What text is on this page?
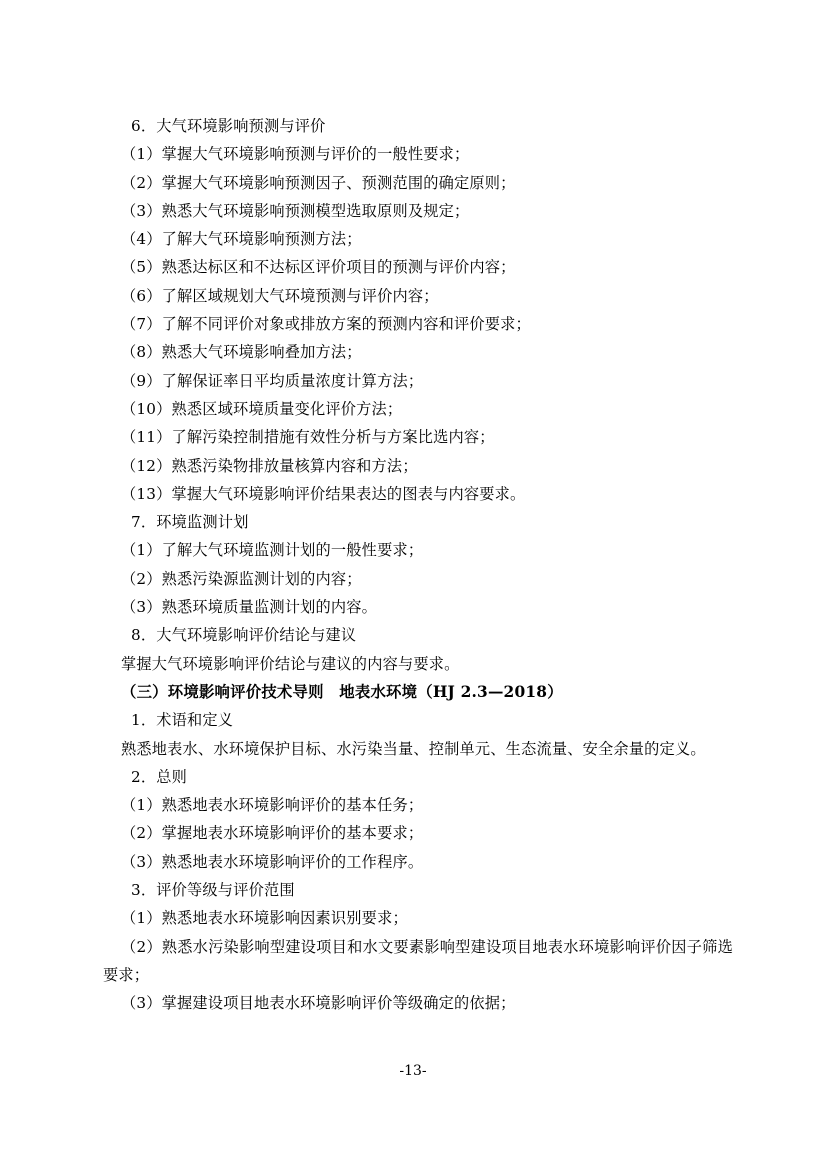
6．大气环境影响预测与评价
（1）掌握大气环境影响预测与评价的一般性要求；
（2）掌握大气环境影响预测因子、预测范围的确定原则；
（3）熟悉大气环境影响预测模型选取原则及规定；
（4）了解大气环境影响预测方法；
（5）熟悉达标区和不达标区评价项目的预测与评价内容；
（6）了解区域规划大气环境预测与评价内容；
（7）了解不同评价对象或排放方案的预测内容和评价要求；
（8）熟悉大气环境影响叠加方法；
（9）了解保证率日平均质量浓度计算方法；
（10）熟悉区域环境质量变化评价方法；
（11）了解污染控制措施有效性分析与方案比选内容；
（12）熟悉污染物排放量核算内容和方法；
（13）掌握大气环境影响评价结果表达的图表与内容要求。
7．环境监测计划
（1）了解大气环境监测计划的一般性要求；
（2）熟悉污染源监测计划的内容；
（3）熟悉环境质量监测计划的内容。
8．大气环境影响评价结论与建议
掌握大气环境影响评价结论与建议的内容与要求。
（三）环境影响评价技术导则　地表水环境（HJ 2.3—2018）
1．术语和定义
熟悉地表水、水环境保护目标、水污染当量、控制单元、生态流量、安全余量的定义。
2．总则
（1）熟悉地表水环境影响评价的基本任务；
（2）掌握地表水环境影响评价的基本要求；
（3）熟悉地表水环境影响评价的工作程序。
3．评价等级与评价范围
（1）熟悉地表水环境影响因素识别要求；
（2）熟悉水污染影响型建设项目和水文要素影响型建设项目地表水环境影响评价因子筛选要求；
（3）掌握建设项目地表水环境影响评价等级确定的依据；
-13-
